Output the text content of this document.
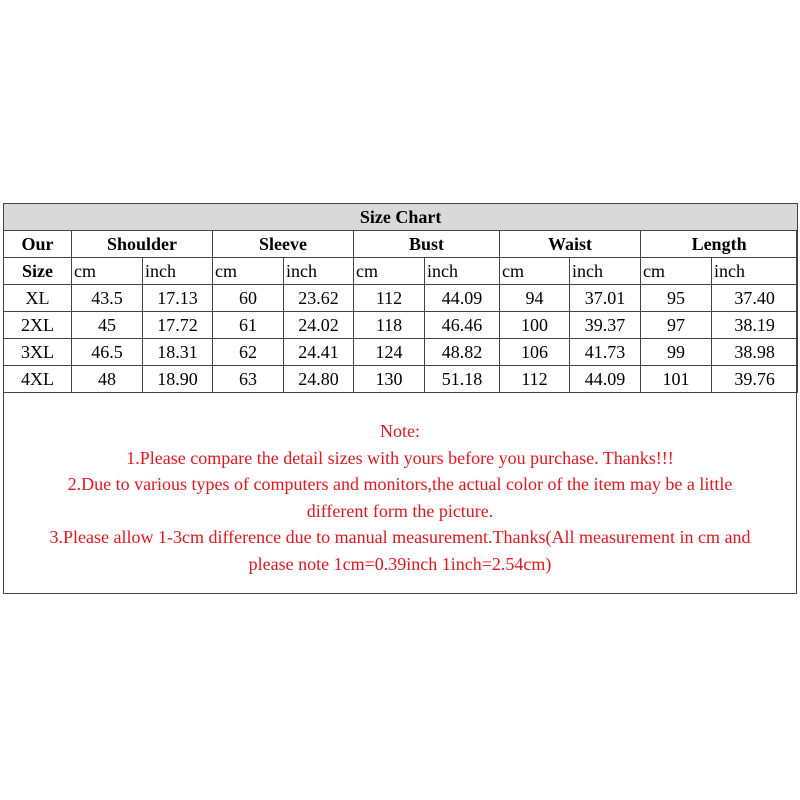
Size Chart										
Our	Shoulder		Sleeve		Bust		Waist		Length	
Size	cm	inch	cm	inch	cm	inch	cm	inch	cm	inch
XL	43.5	17.13	60	23.62	112	44.09	94	37.01	95	37.40
2XL	45	17.72	61	24.02	118	46.46	100	39.37	97	38.19
3XL	46.5	18.31	62	24.41	124	48.82	106	41.73	99	38.98
4XL	48	18.90	63	24.80	130	51.18	112	44.09	101	39.76
Note:
1.Please compare the detail sizes with yours before you purchase. Thanks!!!
2.Due to various types of computers and monitors,the actual color of the item may be a little
different form the picture.
3.Please allow 1-3cm difference due to manual measurement.Thanks(All measurement in cm and
please note 1cm=0.39inch 1inch=2.54cm)
